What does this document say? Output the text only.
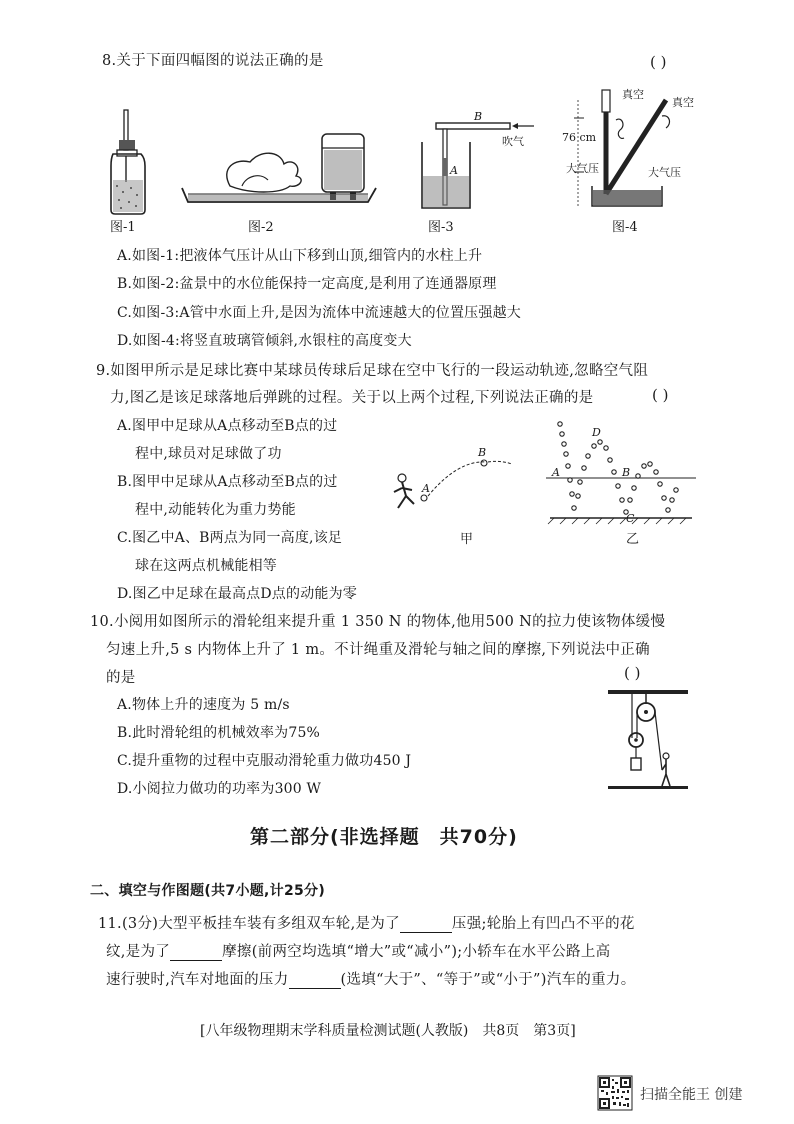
8.关于下面四幅图的说法正确的是	( )
图-1	图-2
B
吹气
A
图-3
76 cm
真空
真空
大气压	大气压
图-4
A.如图-1:把液体气压计从山下移到山顶,细管内的水柱上升
B.如图-2:盆景中的水位能保持一定高度,是利用了连通器原理
C.如图-3:A管中水面上升,是因为流体中流速越大的位置压强越大
D.如图-4:将竖直玻璃管倾斜,水银柱的高度变大
9.如图甲所示是足球比赛中某球员传球后足球在空中飞行的一段运动轨迹,忽略空气阻
力,图乙是该足球落地后弹跳的过程。关于以上两个过程,下列说法正确的是	( )
A.图甲中足球从A点移动至B点的过
程中,球员对足球做了功
B.图甲中足球从A点移动至B点的过
程中,动能转化为重力势能
C.图乙中A、B两点为同一高度,该足
球在这两点机械能相等
D.图乙中足球在最高点D点的动能为零
A
B
甲
A	B
C
D
乙
10.小阅用如图所示的滑轮组来提升重 1 350 N 的物体,他用500 N的拉力使该物体缓慢
匀速上升,5 s 内物体上升了 1 m。不计绳重及滑轮与轴之间的摩擦,下列说法中正确
的是	( )
A.物体上升的速度为 5 m/s
B.此时滑轮组的机械效率为75%
C.提升重物的过程中克服动滑轮重力做功450 J
D.小阅拉力做功的功率为300 W
第二部分(非选择题　共70分)
二、填空与作图题(共7小题,计25分)
11.(3分)大型平板挂车装有多组双车轮,是为了	压强;轮胎上有凹凸不平的花
纹,是为了	摩擦(前两空均选填“增大”或“减小”);小轿车在水平公路上高
速行驶时,汽车对地面的压力	(选填“大于”、“等于”或“小于”)汽车的重力。
[八年级物理期末学科质量检测试题(人教版)　共8页　第3页]
扫描全能王 创建
